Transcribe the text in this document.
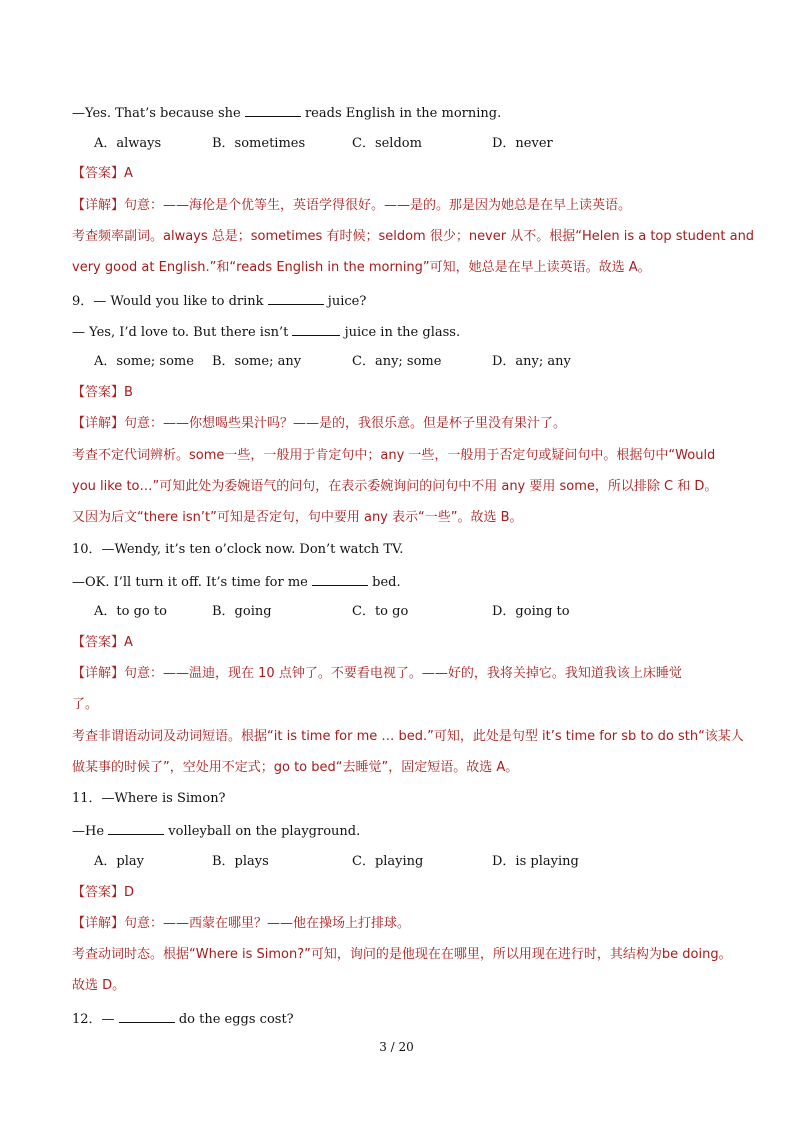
—Yes. That’s because she	reads English in the morning.
A．always	B．sometimes	C．seldom	D．never
【答案】A
【详解】句意：——海伦是个优等生，英语学得很好。——是的。那是因为她总是在早上读英语。
考查频率副词。always 总是；sometimes 有时候；seldom 很少；never 从不。根据“Helen is a top student and
very good at English.”和“reads English in the morning”可知，她总是在早上读英语。故选 A。
9．— Would you like to drink	juice?
— Yes, I’d love to. But there isn’t	juice in the glass.
A．some; some B．some; any	C．any; some	D．any; any
【答案】B
【详解】句意：——你想喝些果汁吗？——是的，我很乐意。但是杯子里没有果汁了。
考查不定代词辨析。some一些，一般用于肯定句中；any 一些，一般用于否定句或疑问句中。根据句中“Would
you like to…”可知此处为委婉语气的问句，在表示委婉询问的问句中不用 any 要用 some，所以排除 C 和 D。
又因为后文“there isn’t”可知是否定句，句中要用 any 表示“一些”。故选 B。
10．—Wendy, it’s ten o’clock now. Don’t watch TV.
—OK. I’ll turn it off. It’s time for me	bed.
A．to go to	B．going	C．to go	D．going to
【答案】A
【详解】句意：——温迪，现在 10 点钟了。不要看电视了。——好的，我将关掉它。我知道我该上床睡觉
了。
考查非谓语动词及动词短语。根据“it is time for me … bed.”可知，此处是句型 it’s time for sb to do sth“该某人
做某事的时候了”，空处用不定式；go to bed“去睡觉”，固定短语。故选 A。
11．—Where is Simon?
—He	volleyball on the playground.
A．play	B．plays	C．playing	D．is playing
【答案】D
【详解】句意：——西蒙在哪里？——他在操场上打排球。
考查动词时态。根据“Where is Simon?”可知，询问的是他现在在哪里，所以用现在进行时，其结构为be doing。
故选 D。
12．—	do the eggs cost?
3 / 20
